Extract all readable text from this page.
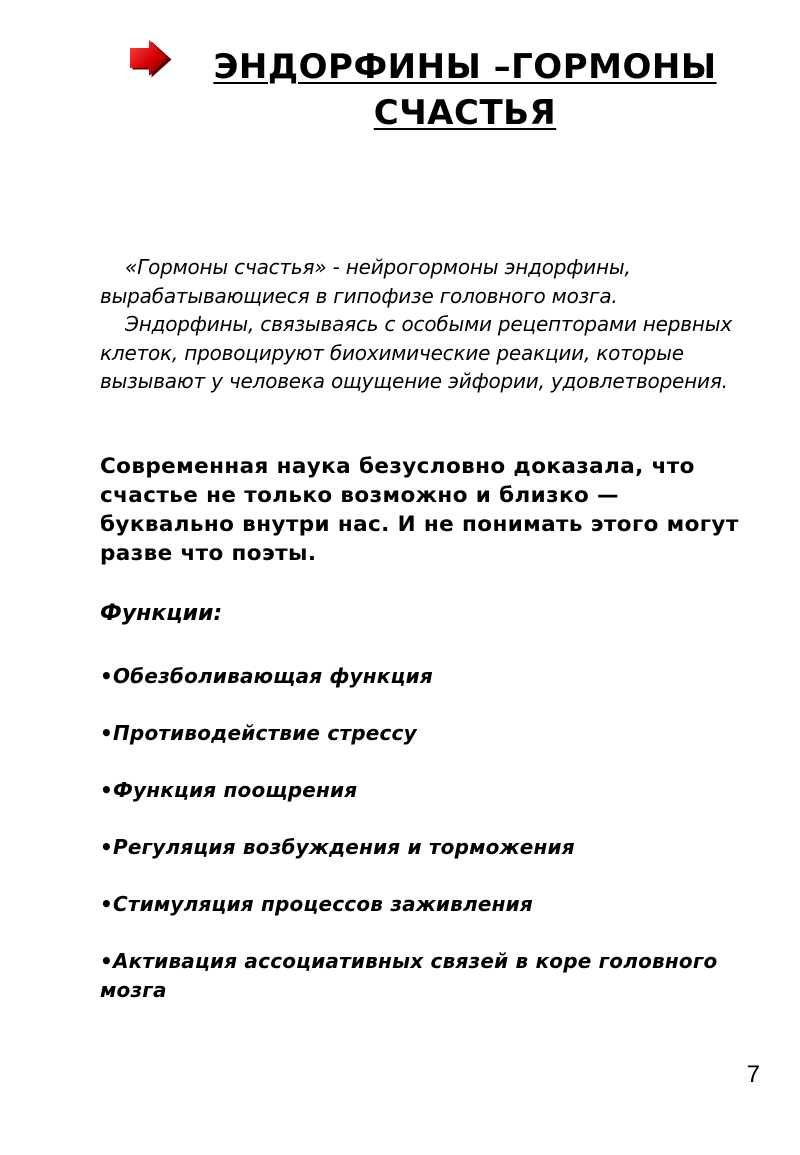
ЭНДОРФИНЫ –ГОРМОНЫ СЧАСТЬЯ

«Гормоны счастья» - нейрогормоны эндорфины, вырабатывающиеся в гипофизе головного мозга.

Эндорфины, связываясь с особыми рецепторами нервных клеток, провоцируют биохимические реакции, которые вызывают у человека ощущение эйфории, удовлетворения.

Современная наука безусловно доказала, что счастье не только возможно и близко — буквально внутри нас. И не понимать этого могут разве что поэты.

Функции:

•Обезболивающая функция
•Противодействие стрессу
•Функция поощрения
•Регуляция возбуждения и торможения
•Стимуляция процессов заживления
•Активация ассоциативных связей в коре головного мозга
7
